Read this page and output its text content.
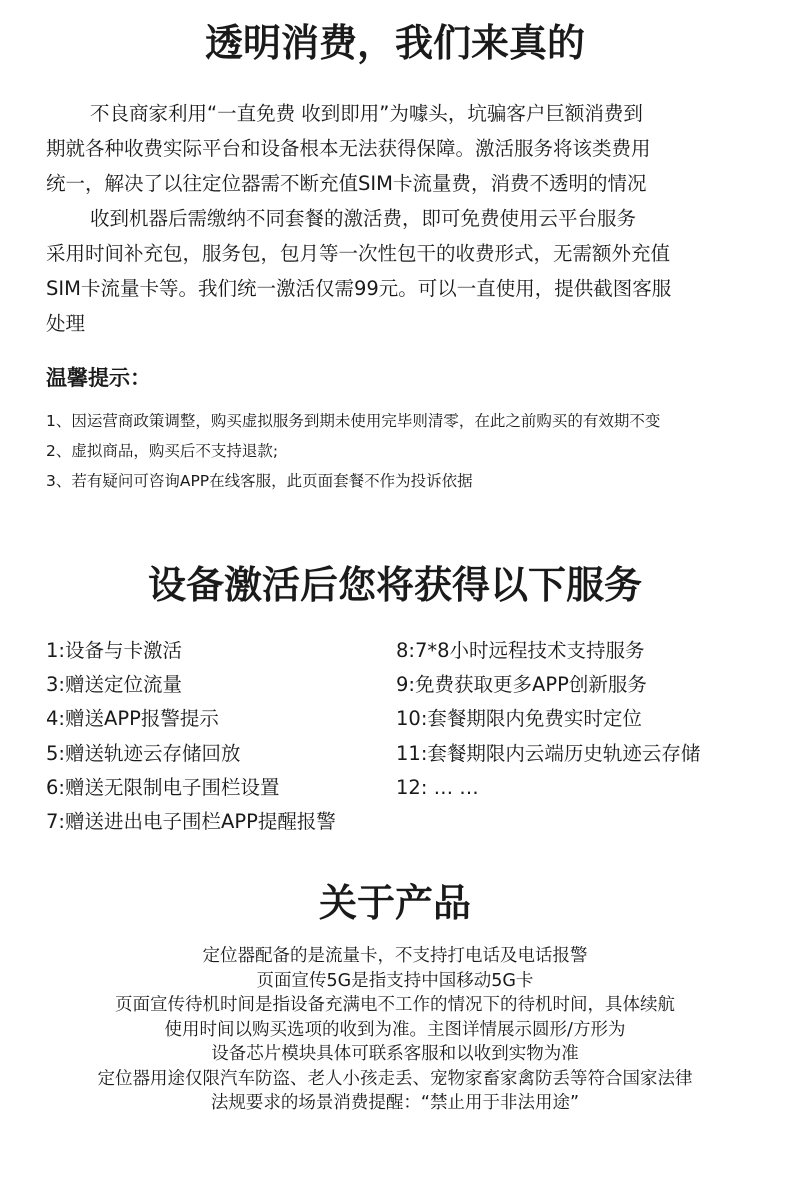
透明消费，我们来真的
不良商家利用“一直免费 收到即用”为噱头，坑骗客户巨额消费到
期就各种收费实际平台和设备根本无法获得保障。激活服务将该类费用
统一，解决了以往定位器需不断充值SIM卡流量费，消费不透明的情况
收到机器后需缴纳不同套餐的激活费，即可免费使用云平台服务
采用时间补充包，服务包，包月等一次性包干的收费形式，无需额外充值
SIM卡流量卡等。我们统一激活仅需99元。可以一直使用，提供截图客服
处理
温馨提示：
1、因运营商政策调整，购买虚拟服务到期未使用完毕则清零，在此之前购买的有效期不变
2、虚拟商品，购买后不支持退款;
3、若有疑问可咨询APP在线客服，此页面套餐不作为投诉依据
设备激活后您将获得以下服务
1:设备与卡激活
3:赠送定位流量
4:赠送APP报警提示
5:赠送轨迹云存储回放
6:赠送无限制电子围栏设置
7:赠送进出电子围栏APP提醒报警
8:7*8小时远程技术支持服务
9:免费获取更多APP创新服务
10:套餐期限内免费实时定位
11:套餐期限内云端历史轨迹云存储
12: … …
关于产品
定位器配备的是流量卡，不支持打电话及电话报警
页面宣传5G是指支持中国移动5G卡
页面宣传待机时间是指设备充满电不工作的情况下的待机时间，具体续航
使用时间以购买选项的收到为准。主图详情展示圆形/方形为
设备芯片模块具体可联系客服和以收到实物为准
定位器用途仅限汽车防盗、老人小孩走丢、宠物家畜家禽防丢等符合国家法律
法规要求的场景消费提醒：“禁止用于非法用途”
